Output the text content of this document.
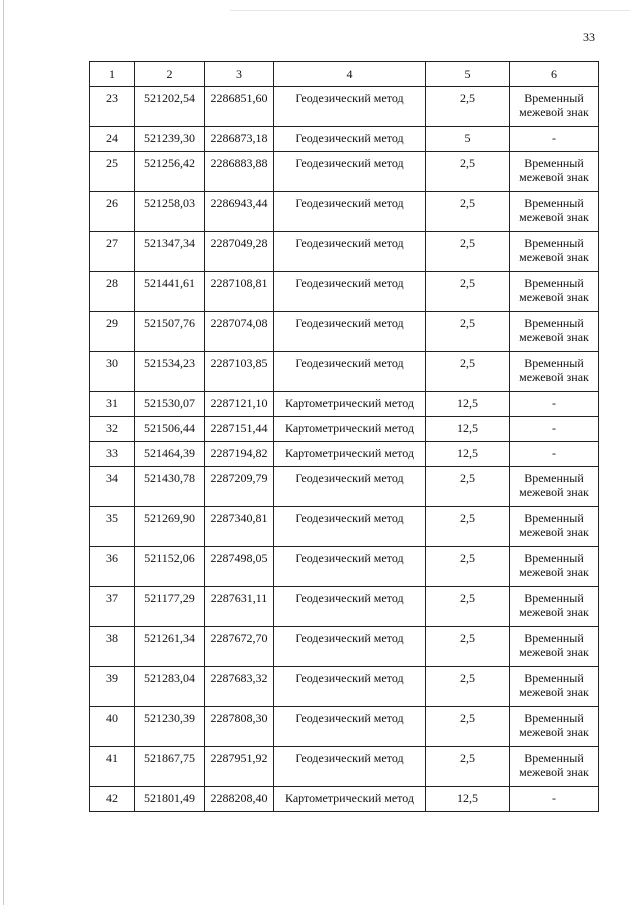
33
1	2	3	4	5	6
23	521202,54	2286851,60	Геодезический метод	2,5	Временный межевой знак
24	521239,30	2286873,18	Геодезический метод	5	-
25	521256,42	2286883,88	Геодезический метод	2,5	Временный межевой знак
26	521258,03	2286943,44	Геодезический метод	2,5	Временный межевой знак
27	521347,34	2287049,28	Геодезический метод	2,5	Временный межевой знак
28	521441,61	2287108,81	Геодезический метод	2,5	Временный межевой знак
29	521507,76	2287074,08	Геодезический метод	2,5	Временный межевой знак
30	521534,23	2287103,85	Геодезический метод	2,5	Временный межевой знак
31	521530,07	2287121,10	Картометрический метод	12,5	-
32	521506,44	2287151,44	Картометрический метод	12,5	-
33	521464,39	2287194,82	Картометрический метод	12,5	-
34	521430,78	2287209,79	Геодезический метод	2,5	Временный межевой знак
35	521269,90	2287340,81	Геодезический метод	2,5	Временный межевой знак
36	521152,06	2287498,05	Геодезический метод	2,5	Временный межевой знак
37	521177,29	2287631,11	Геодезический метод	2,5	Временный межевой знак
38	521261,34	2287672,70	Геодезический метод	2,5	Временный межевой знак
39	521283,04	2287683,32	Геодезический метод	2,5	Временный межевой знак
40	521230,39	2287808,30	Геодезический метод	2,5	Временный межевой знак
41	521867,75	2287951,92	Геодезический метод	2,5	Временный межевой знак
42	521801,49	2288208,40	Картометрический метод	12,5	-
